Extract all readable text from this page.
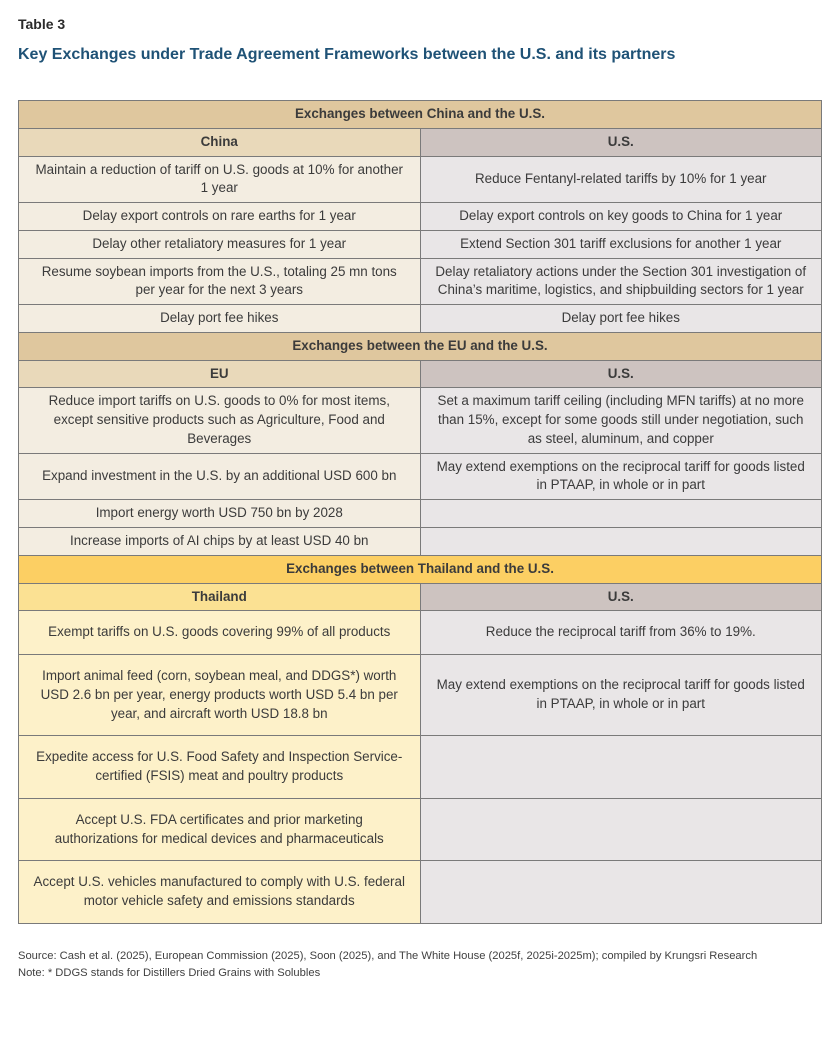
Table 3
Key Exchanges under Trade Agreement Frameworks between the U.S. and its partners
Exchanges between China and the U.S.	
China	U.S.
Maintain a reduction of tariff on U.S. goods at 10% for another 1 year	Reduce Fentanyl-related tariffs by 10% for 1 year
Delay export controls on rare earths for 1 year	Delay export controls on key goods to China for 1 year
Delay other retaliatory measures for 1 year	Extend Section 301 tariff exclusions for another 1 year
Resume soybean imports from the U.S., totaling 25 mn tons per year for the next 3 years	Delay retaliatory actions under the Section 301 investigation of China’s maritime, logistics, and shipbuilding sectors for 1 year
Delay port fee hikes	Delay port fee hikes
Exchanges between the EU and the U.S.	
EU	U.S.
Reduce import tariffs on U.S. goods to 0% for most items, except sensitive products such as Agriculture, Food and Beverages	Set a maximum tariff ceiling (including MFN tariffs) at no more than 15%, except for some goods still under negotiation, such as steel, aluminum, and copper
Expand investment in the U.S. by an additional USD 600 bn	May extend exemptions on the reciprocal tariff for goods listed in PTAAP, in whole or in part
Import energy worth USD 750 bn by 2028	
Increase imports of AI chips by at least USD 40 bn	
Exchanges between Thailand and the U.S.	
Thailand	U.S.
Exempt tariffs on U.S. goods covering 99% of all products	Reduce the reciprocal tariff from 36% to 19%.
Import animal feed (corn, soybean meal, and DDGS*) worth USD 2.6 bn per year, energy products worth USD 5.4 bn per year, and aircraft worth USD 18.8 bn	May extend exemptions on the reciprocal tariff for goods listed in PTAAP, in whole or in part
Expedite access for U.S. Food Safety and Inspection Service-certified (FSIS) meat and poultry products	
Accept U.S. FDA certificates and prior marketing authorizations for medical devices and pharmaceuticals	
Accept U.S. vehicles manufactured to comply with U.S. federal motor vehicle safety and emissions standards	
Source: Cash et al. (2025), European Commission (2025), Soon (2025), and The White House (2025f, 2025i-2025m); compiled by Krungsri Research
Note: * DDGS stands for Distillers Dried Grains with Solubles
